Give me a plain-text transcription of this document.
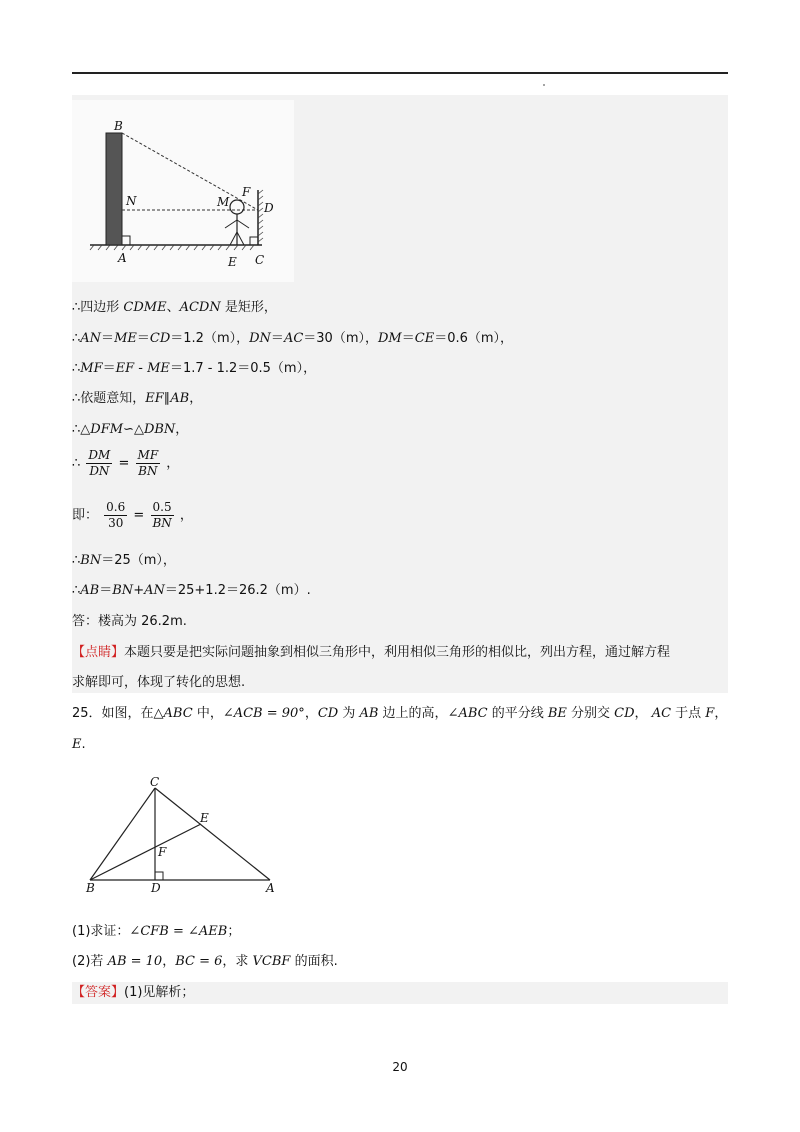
B
N	M
F
D
A	E C
∴四边形 CDME、ACDN 是矩形，
∴AN＝ME＝CD＝1.2（m），DN＝AC＝30（m），DM＝CE＝0.6（m），
∴MF＝EF - ME＝1.7 - 1.2＝0.5（m），
∴依题意知，EF∥AB，
∴△DFM∽△DBN，
∴ $\frac{DM}{DN} = \frac{MF}{BN}$ ，
即： $\frac{0.6}{30} = \frac{0.5}{BN}$ ，
∴BN＝25（m），
∴AB＝BN+AN＝25+1.2＝26.2（m）.
答：楼高为 26.2m.
【点睛】本题只要是把实际问题抽象到相似三角形中，利用相似三角形的相似比，列出方程，通过解方程
求解即可，体现了转化的思想.
25．如图，在△ABC 中，∠ACB = 90°，CD 为 AB 边上的高，∠ABC 的平分线 BE 分别交 CD， AC 于点 F，
E.
C
E
F
B	D	A
(1)求证：∠CFB = ∠AEB；
(2)若 AB = 10，BC = 6，求 VCBF 的面积.
【答案】(1)见解析；
20
